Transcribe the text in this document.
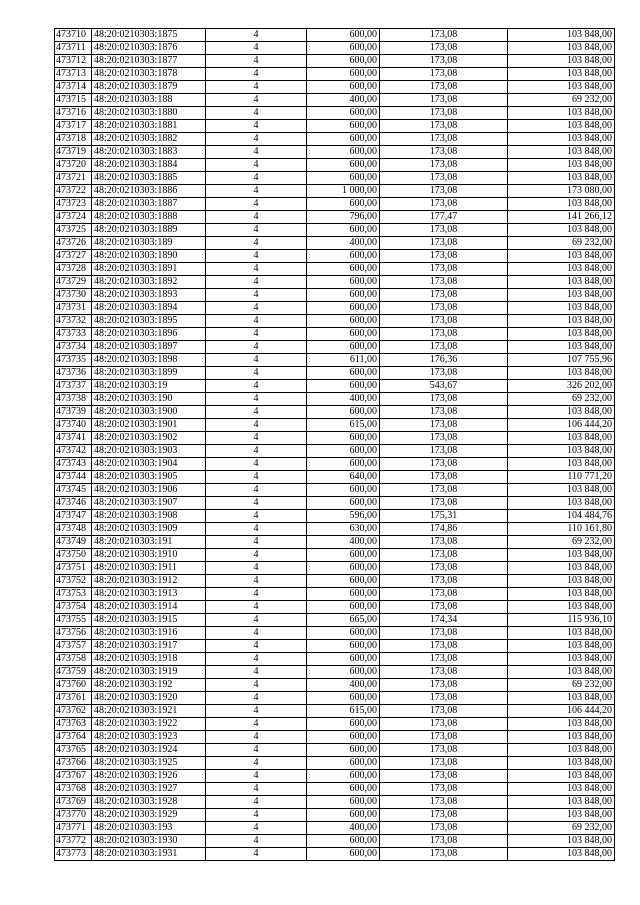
473710	48:20:0210303:1875	4	600,00	173,08	103 848,00
473711	48:20:0210303:1876	4	600,00	173,08	103 848,00
473712	48:20:0210303:1877	4	600,00	173,08	103 848,00
473713	48:20:0210303:1878	4	600,00	173,08	103 848,00
473714	48:20:0210303:1879	4	600,00	173,08	103 848,00
473715	48:20:0210303:188	4	400,00	173,08	69 232,00
473716	48:20:0210303:1880	4	600,00	173,08	103 848,00
473717	48:20:0210303:1881	4	600,00	173,08	103 848,00
473718	48:20:0210303:1882	4	600,00	173,08	103 848,00
473719	48:20:0210303:1883	4	600,00	173,08	103 848,00
473720	48:20:0210303:1884	4	600,00	173,08	103 848,00
473721	48:20:0210303:1885	4	600,00	173,08	103 848,00
473722	48:20:0210303:1886	4	1 000,00	173,08	173 080,00
473723	48:20:0210303:1887	4	600,00	173,08	103 848,00
473724	48:20:0210303:1888	4	796,00	177,47	141 266,12
473725	48:20:0210303:1889	4	600,00	173,08	103 848,00
473726	48:20:0210303:189	4	400,00	173,08	69 232,00
473727	48:20:0210303:1890	4	600,00	173,08	103 848,00
473728	48:20:0210303:1891	4	600,00	173,08	103 848,00
473729	48:20:0210303:1892	4	600,00	173,08	103 848,00
473730	48:20:0210303:1893	4	600,00	173,08	103 848,00
473731	48:20:0210303:1894	4	600,00	173,08	103 848,00
473732	48:20:0210303:1895	4	600,00	173,08	103 848,00
473733	48:20:0210303:1896	4	600,00	173,08	103 848,00
473734	48:20:0210303:1897	4	600,00	173,08	103 848,00
473735	48:20:0210303:1898	4	611,00	176,36	107 755,96
473736	48:20:0210303:1899	4	600,00	173,08	103 848,00
473737	48:20:0210303:19	4	600,00	543,67	326 202,00
473738	48:20:0210303:190	4	400,00	173,08	69 232,00
473739	48:20:0210303:1900	4	600,00	173,08	103 848,00
473740	48:20:0210303:1901	4	615,00	173,08	106 444,20
473741	48:20:0210303:1902	4	600,00	173,08	103 848,00
473742	48:20:0210303:1903	4	600,00	173,08	103 848,00
473743	48:20:0210303:1904	4	600,00	173,08	103 848,00
473744	48:20:0210303:1905	4	640,00	173,08	110 771,20
473745	48:20:0210303:1906	4	600,00	173,08	103 848,00
473746	48:20:0210303:1907	4	600,00	173,08	103 848,00
473747	48:20:0210303:1908	4	596,00	175,31	104 484,76
473748	48:20:0210303:1909	4	630,00	174,86	110 161,80
473749	48:20:0210303:191	4	400,00	173,08	69 232,00
473750	48:20:0210303:1910	4	600,00	173,08	103 848,00
473751	48:20:0210303:1911	4	600,00	173,08	103 848,00
473752	48:20:0210303:1912	4	600,00	173,08	103 848,00
473753	48:20:0210303:1913	4	600,00	173,08	103 848,00
473754	48:20:0210303:1914	4	600,00	173,08	103 848,00
473755	48:20:0210303:1915	4	665,00	174,34	115 936,10
473756	48:20:0210303:1916	4	600,00	173,08	103 848,00
473757	48:20:0210303:1917	4	600,00	173,08	103 848,00
473758	48:20:0210303:1918	4	600,00	173,08	103 848,00
473759	48:20:0210303:1919	4	600,00	173,08	103 848,00
473760	48:20:0210303:192	4	400,00	173,08	69 232,00
473761	48:20:0210303:1920	4	600,00	173,08	103 848,00
473762	48:20:0210303:1921	4	615,00	173,08	106 444,20
473763	48:20:0210303:1922	4	600,00	173,08	103 848,00
473764	48:20:0210303:1923	4	600,00	173,08	103 848,00
473765	48:20:0210303:1924	4	600,00	173,08	103 848,00
473766	48:20:0210303:1925	4	600,00	173,08	103 848,00
473767	48:20:0210303:1926	4	600,00	173,08	103 848,00
473768	48:20:0210303:1927	4	600,00	173,08	103 848,00
473769	48:20:0210303:1928	4	600,00	173,08	103 848,00
473770	48:20:0210303:1929	4	600,00	173,08	103 848,00
473771	48:20:0210303:193	4	400,00	173,08	69 232,00
473772	48:20:0210303:1930	4	600,00	173,08	103 848,00
473773	48:20:0210303:1931	4	600,00	173,08	103 848,00
